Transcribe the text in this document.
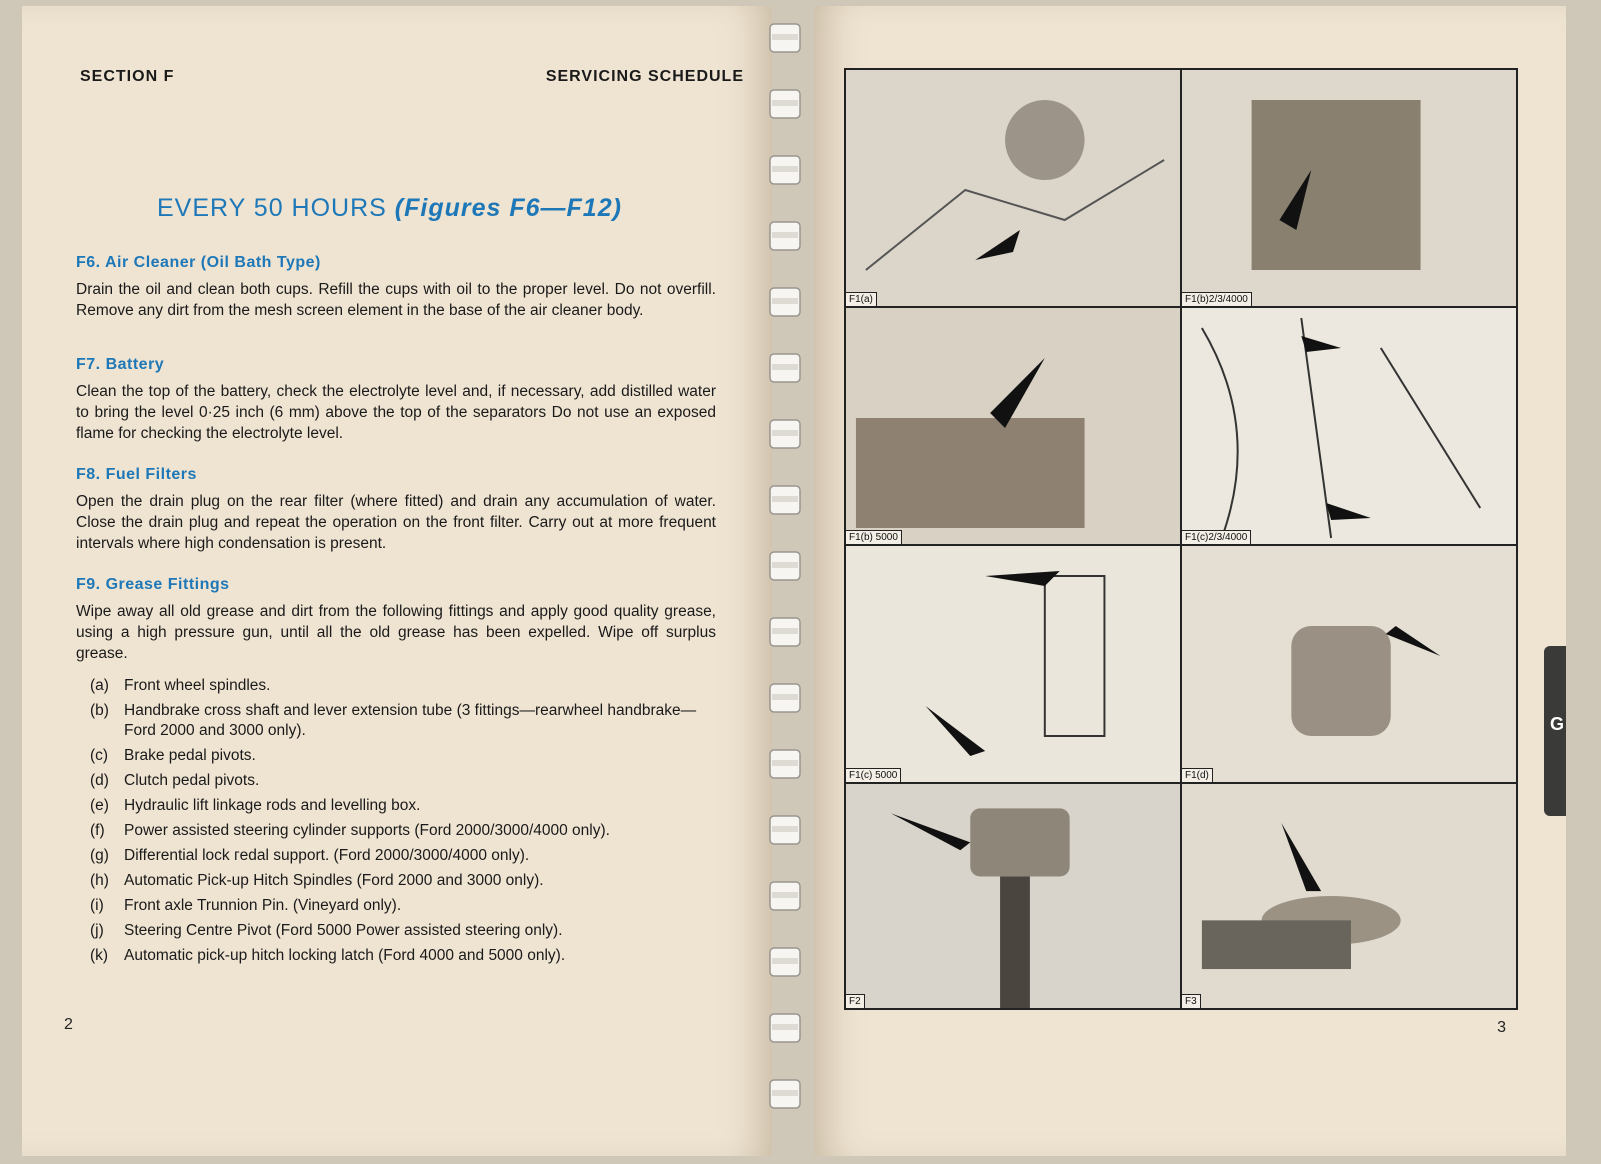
SECTION F	SERVICING SCHEDULE
EVERY 50 HOURS (Figures F6—F12)

F6. Air Cleaner (Oil Bath Type)

Drain the oil and clean both cups. Refill the cups with oil to the proper level. Do not overfill. Remove any dirt from the mesh screen element in the base of the air cleaner body.

F7. Battery

Clean the top of the battery, check the electrolyte level and, if necessary, add distilled water to bring the level 0·25 inch (6 mm) above the top of the separators Do not use an exposed flame for checking the electrolyte level.

F8. Fuel Filters

Open the drain plug on the rear filter (where fitted) and drain any accumulation of water. Close the drain plug and repeat the operation on the front filter. Carry out at more frequent intervals where high condensation is present.

F9. Grease Fittings

Wipe away all old grease and dirt from the following fittings and apply good quality grease, using a high pressure gun, until all the old grease has been expelled. Wipe off surplus grease.

(a) Front wheel spindles.
(b) Handbrake cross shaft and lever extension tube (3 fittings—rearwheel handbrake—Ford 2000 and 3000 only).
(c)	Brake pedal pivots.
(d) Clutch pedal pivots.
(e) Hydraulic lift linkage rods and levelling box.
(f)	Power assisted steering cylinder supports (Ford 2000/3000/4000 only).
(g) Differential lock гedal support. (Ford 2000/3000/4000 only).
(h) Automatic Pick-up Hitch Spindles (Ford 2000 and 3000 only).
(i)	Front axle Trunnion Pin. (Vineyard only).
(j)	Steering Centre Pivot (Ford 5000 Power assisted steering only).
(k)	Automatic pick-up hitch locking latch (Ford 4000 and 5000 only).
2
F1(a)	F1(b)2/3/4000
F1(b) 5000	F1(c)2/3/4000
F1(c) 5000	F1(d)
F2	F3
G
3
